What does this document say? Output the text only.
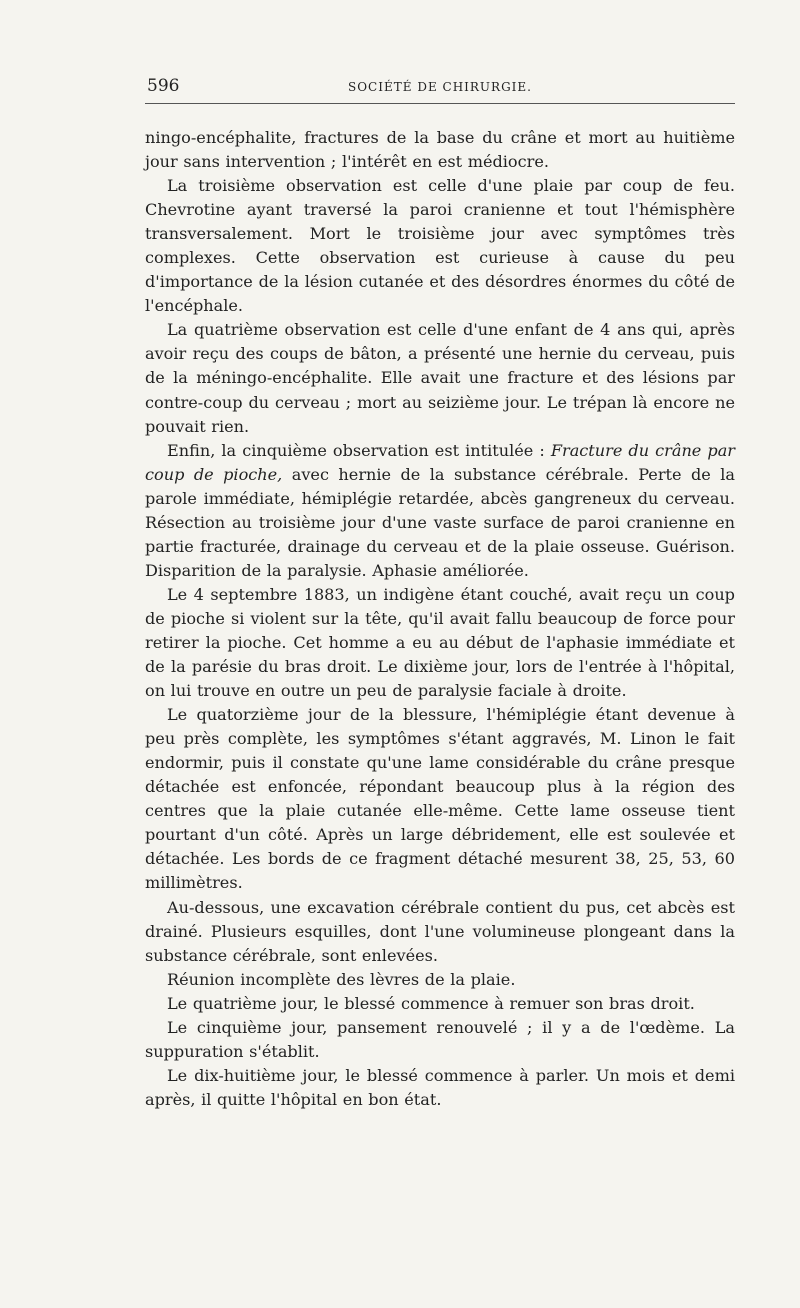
596	SOCIÉTÉ DE CHIRURGIE.

ningo-encéphalite, fractures de la base du crâne et mort au huitième jour sans intervention ; l'intérêt en est médiocre.

La troisième observation est celle d'une plaie par coup de feu. Chevrotine ayant traversé la paroi cranienne et tout l'hémisphère transversalement. Mort le troisième jour avec symptômes très complexes. Cette observation est curieuse à cause du peu d'importance de la lésion cutanée et des désordres énormes du côté de l'encéphale.

La quatrième observation est celle d'une enfant de 4 ans qui, après avoir reçu des coups de bâton, a présenté une hernie du cerveau, puis de la méningo-encéphalite. Elle avait une fracture et des lésions par contre-coup du cerveau ; mort au seizième jour. Le trépan là encore ne pouvait rien.

Enfin, la cinquième observation est intitulée : Fracture du crâne par coup de pioche, avec hernie de la substance cérébrale. Perte de la parole immédiate, hémiplégie retardée, abcès gangreneux du cerveau. Résection au troisième jour d'une vaste surface de paroi cranienne en partie fracturée, drainage du cerveau et de la plaie osseuse. Guérison. Disparition de la paralysie. Aphasie améliorée.

Le 4 septembre 1883, un indigène étant couché, avait reçu un coup de pioche si violent sur la tête, qu'il avait fallu beaucoup de force pour retirer la pioche. Cet homme a eu au début de l'aphasie immédiate et de la parésie du bras droit. Le dixième jour, lors de l'entrée à l'hôpital, on lui trouve en outre un peu de paralysie faciale à droite.

Le quatorzième jour de la blessure, l'hémiplégie étant devenue à peu près complète, les symptômes s'étant aggravés, M. Linon le fait endormir, puis il constate qu'une lame considérable du crâne presque détachée est enfoncée, répondant beaucoup plus à la région des centres que la plaie cutanée elle-même. Cette lame osseuse tient pourtant d'un côté. Après un large débridement, elle est soulevée et détachée. Les bords de ce fragment détaché mesurent 38, 25, 53, 60 millimètres.

Au-dessous, une excavation cérébrale contient du pus, cet abcès est drainé. Plusieurs esquilles, dont l'une volumineuse plongeant dans la substance cérébrale, sont enlevées.

Réunion incomplète des lèvres de la plaie.

Le quatrième jour, le blessé commence à remuer son bras droit.

Le cinquième jour, pansement renouvelé ; il y a de l'œdème. La suppuration s'établit.

Le dix-huitième jour, le blessé commence à parler. Un mois et demi après, il quitte l'hôpital en bon état.
